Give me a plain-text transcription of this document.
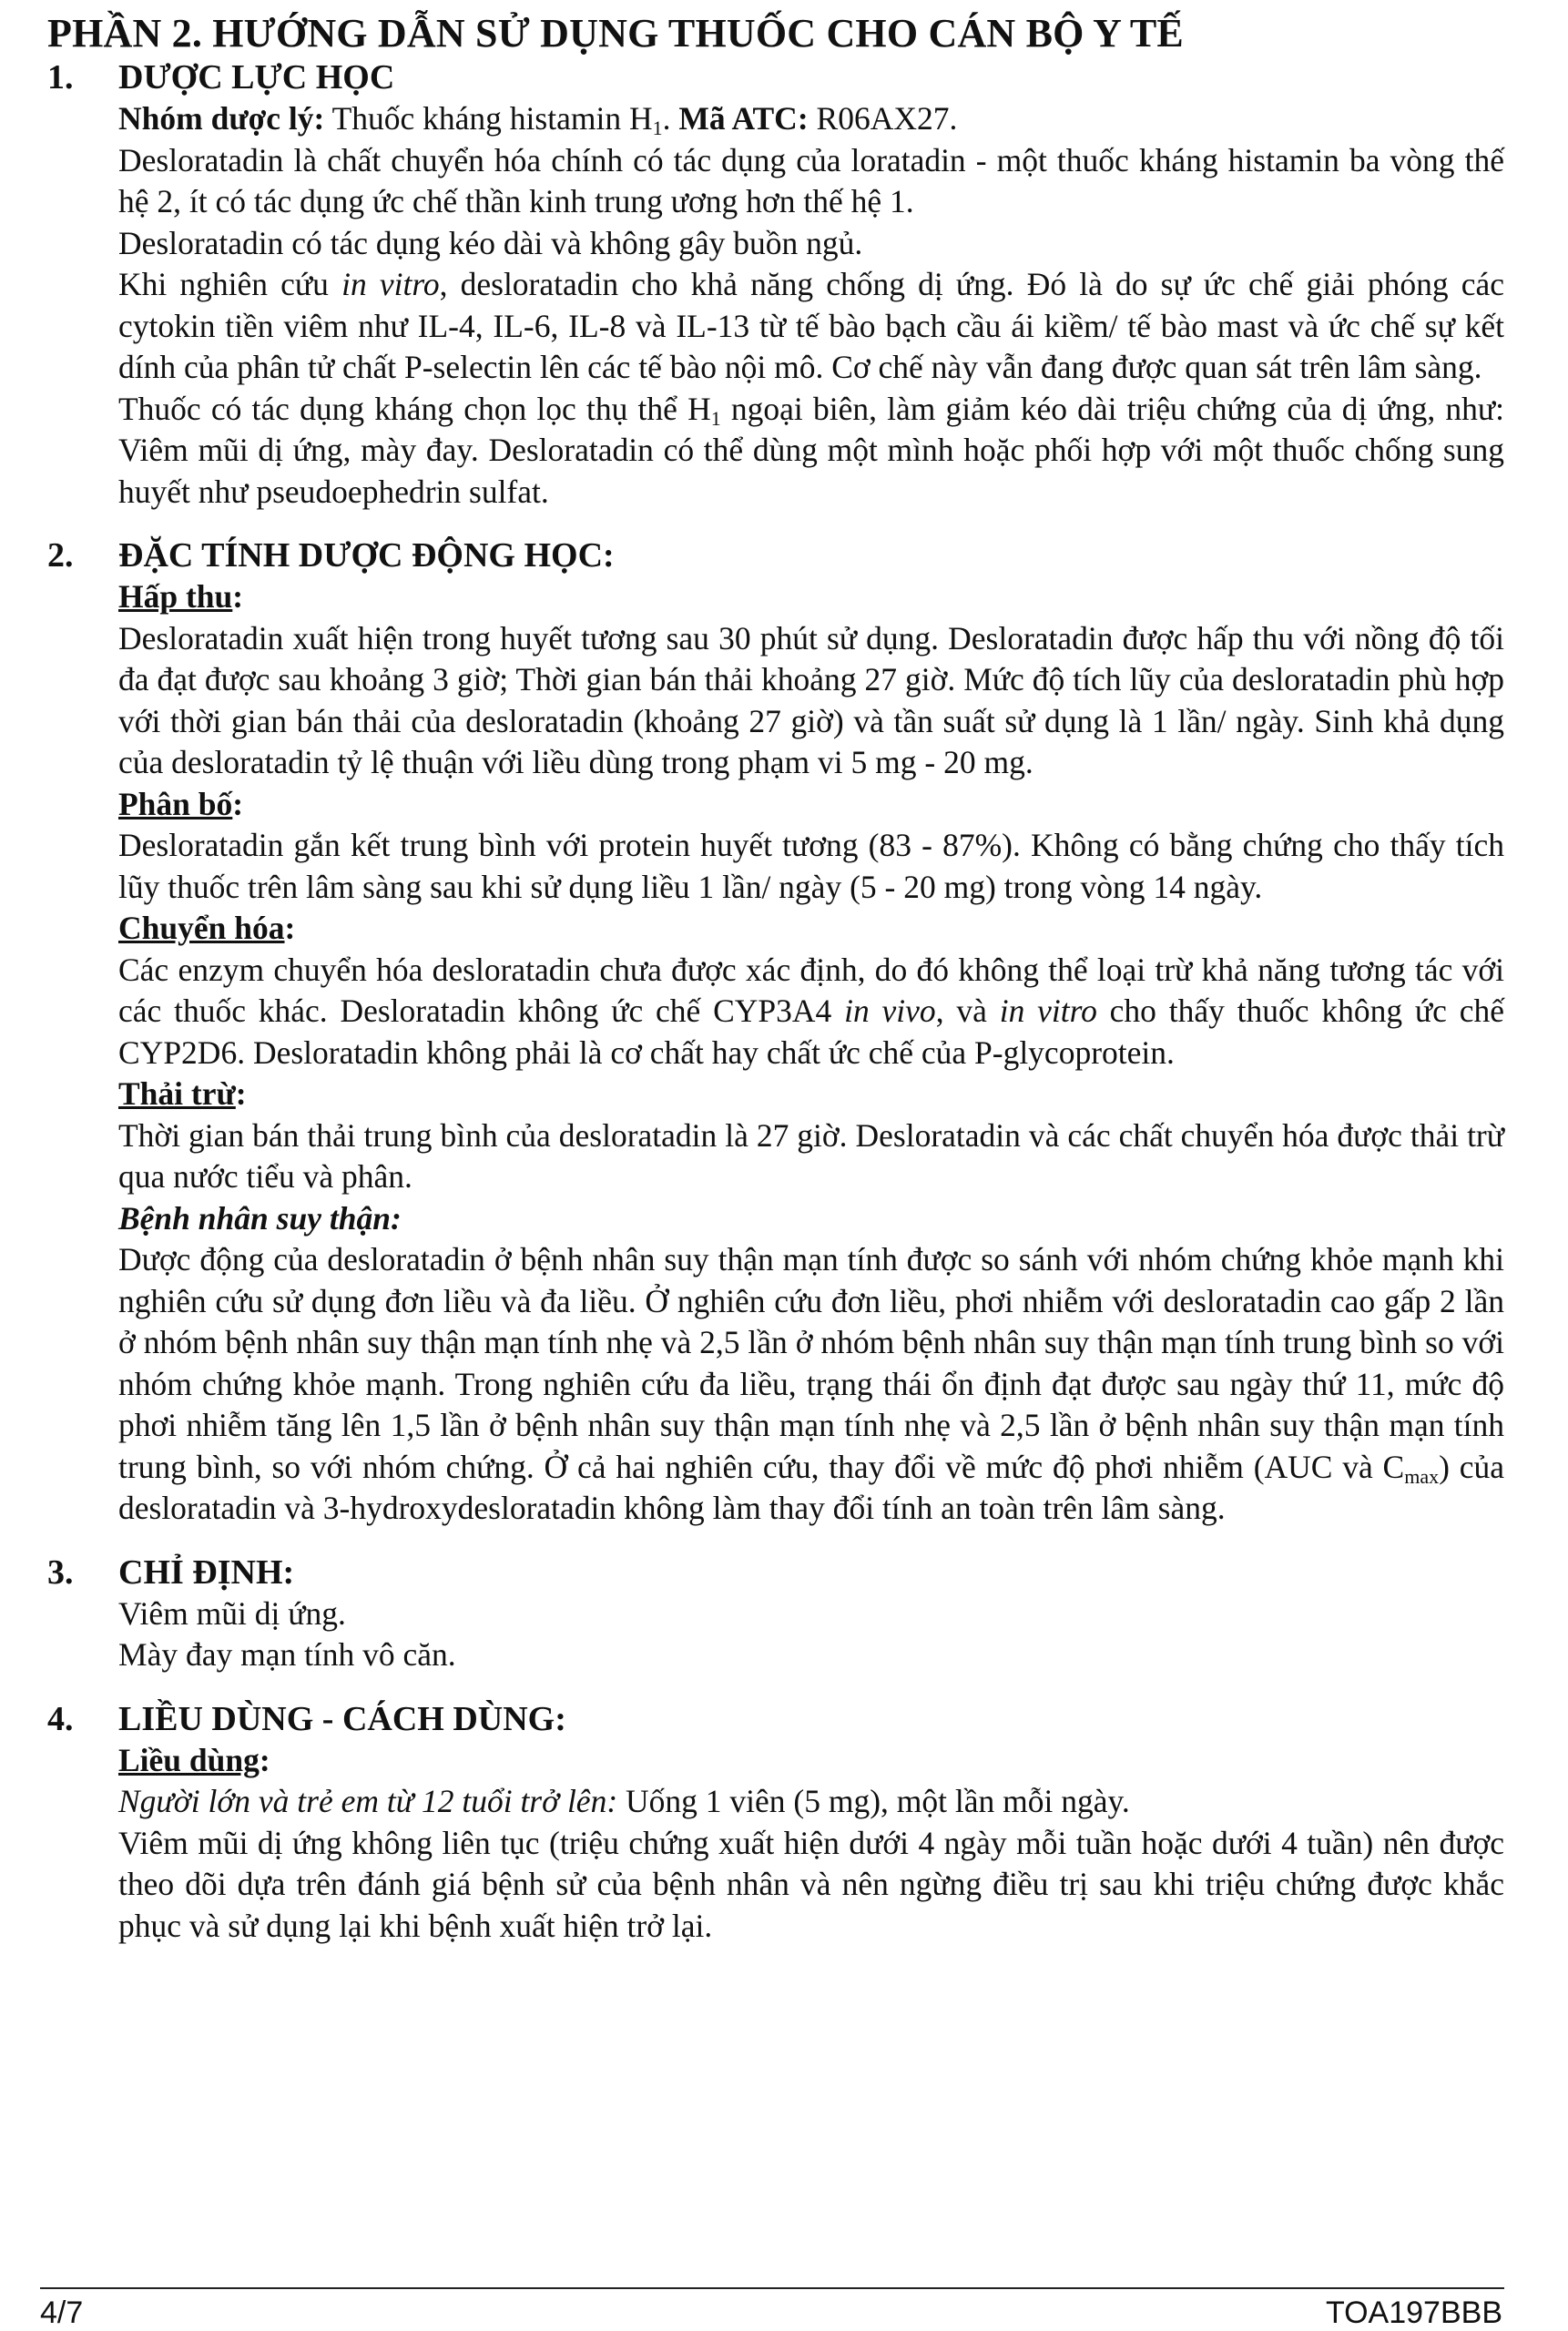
PHẦN 2. HƯỚNG DẪN SỬ DỤNG THUỐC CHO CÁN BỘ Y TẾ
1.	DƯỢC LỰC HỌC

Nhóm dược lý: Thuốc kháng histamin $H_1$. Mã ATC: R06AX27.

Desloratadin là chất chuyển hóa chính có tác dụng của loratadin - một thuốc kháng histamin ba vòng thế hệ 2, ít có tác dụng ức chế thần kinh trung ương hơn thế hệ 1.

Desloratadin có tác dụng kéo dài và không gây buồn ngủ.

Khi nghiên cứu in vitro, desloratadin cho khả năng chống dị ứng. Đó là do sự ức chế giải phóng các cytokin tiền viêm như IL-4, IL-6, IL-8 và IL-13 từ tế bào bạch cầu ái kiềm/ tế bào mast và ức chế sự kết dính của phân tử chất P-selectin lên các tế bào nội mô. Cơ chế này vẫn đang được quan sát trên lâm sàng.

Thuốc có tác dụng kháng chọn lọc thụ thể $H_1$ ngoại biên, làm giảm kéo dài triệu chứng của dị ứng, như: Viêm mũi dị ứng, mày đay. Desloratadin có thể dùng một mình hoặc phối hợp với một thuốc chống sung huyết như pseudoephedrin sulfat.

2.	ĐẶC TÍNH DƯỢC ĐỘNG HỌC:

Hấp thu:

Desloratadin xuất hiện trong huyết tương sau 30 phút sử dụng. Desloratadin được hấp thu với nồng độ tối đa đạt được sau khoảng 3 giờ; Thời gian bán thải khoảng 27 giờ. Mức độ tích lũy của desloratadin phù hợp với thời gian bán thải của desloratadin (khoảng 27 giờ) và tần suất sử dụng là 1 lần/ ngày. Sinh khả dụng của desloratadin tỷ lệ thuận với liều dùng trong phạm vi 5 mg - 20 mg.

Phân bố:

Desloratadin gắn kết trung bình với protein huyết tương (83 - 87%). Không có bằng chứng cho thấy tích lũy thuốc trên lâm sàng sau khi sử dụng liều 1 lần/ ngày (5 - 20 mg) trong vòng 14 ngày.

Chuyển hóa:

Các enzym chuyển hóa desloratadin chưa được xác định, do đó không thể loại trừ khả năng tương tác với các thuốc khác. Desloratadin không ức chế CYP3A4 in vivo, và in vitro cho thấy thuốc không ức chế CYP2D6. Desloratadin không phải là cơ chất hay chất ức chế của P-glycoprotein.

Thải trừ:

Thời gian bán thải trung bình của desloratadin là 27 giờ. Desloratadin và các chất chuyển hóa được thải trừ qua nước tiểu và phân.

Bệnh nhân suy thận:

Dược động của desloratadin ở bệnh nhân suy thận mạn tính được so sánh với nhóm chứng khỏe mạnh khi nghiên cứu sử dụng đơn liều và đa liều. Ở nghiên cứu đơn liều, phơi nhiễm với desloratadin cao gấp 2 lần ở nhóm bệnh nhân suy thận mạn tính nhẹ và 2,5 lần ở nhóm bệnh nhân suy thận mạn tính trung bình so với nhóm chứng khỏe mạnh. Trong nghiên cứu đa liều, trạng thái ổn định đạt được sau ngày thứ 11, mức độ phơi nhiễm tăng lên 1,5 lần ở bệnh nhân suy thận mạn tính nhẹ và 2,5 lần ở bệnh nhân suy thận mạn tính trung bình, so với nhóm chứng. Ở cả hai nghiên cứu, thay đổi về mức độ phơi nhiễm (AUC và $C_{max}$) của desloratadin và 3-hydroxydesloratadin không làm thay đổi tính an toàn trên lâm sàng.

3.	CHỈ ĐỊNH:

Viêm mũi dị ứng.

Mày đay mạn tính vô căn.

4.	LIỀU DÙNG - CÁCH DÙNG:

Liều dùng:

Người lớn và trẻ em từ 12 tuổi trở lên: Uống 1 viên (5 mg), một lần mỗi ngày.

Viêm mũi dị ứng không liên tục (triệu chứng xuất hiện dưới 4 ngày mỗi tuần hoặc dưới 4 tuần) nên được theo dõi dựa trên đánh giá bệnh sử của bệnh nhân và nên ngừng điều trị sau khi triệu chứng được khắc phục và sử dụng lại khi bệnh xuất hiện trở lại.

4/7	TOA197BBB
